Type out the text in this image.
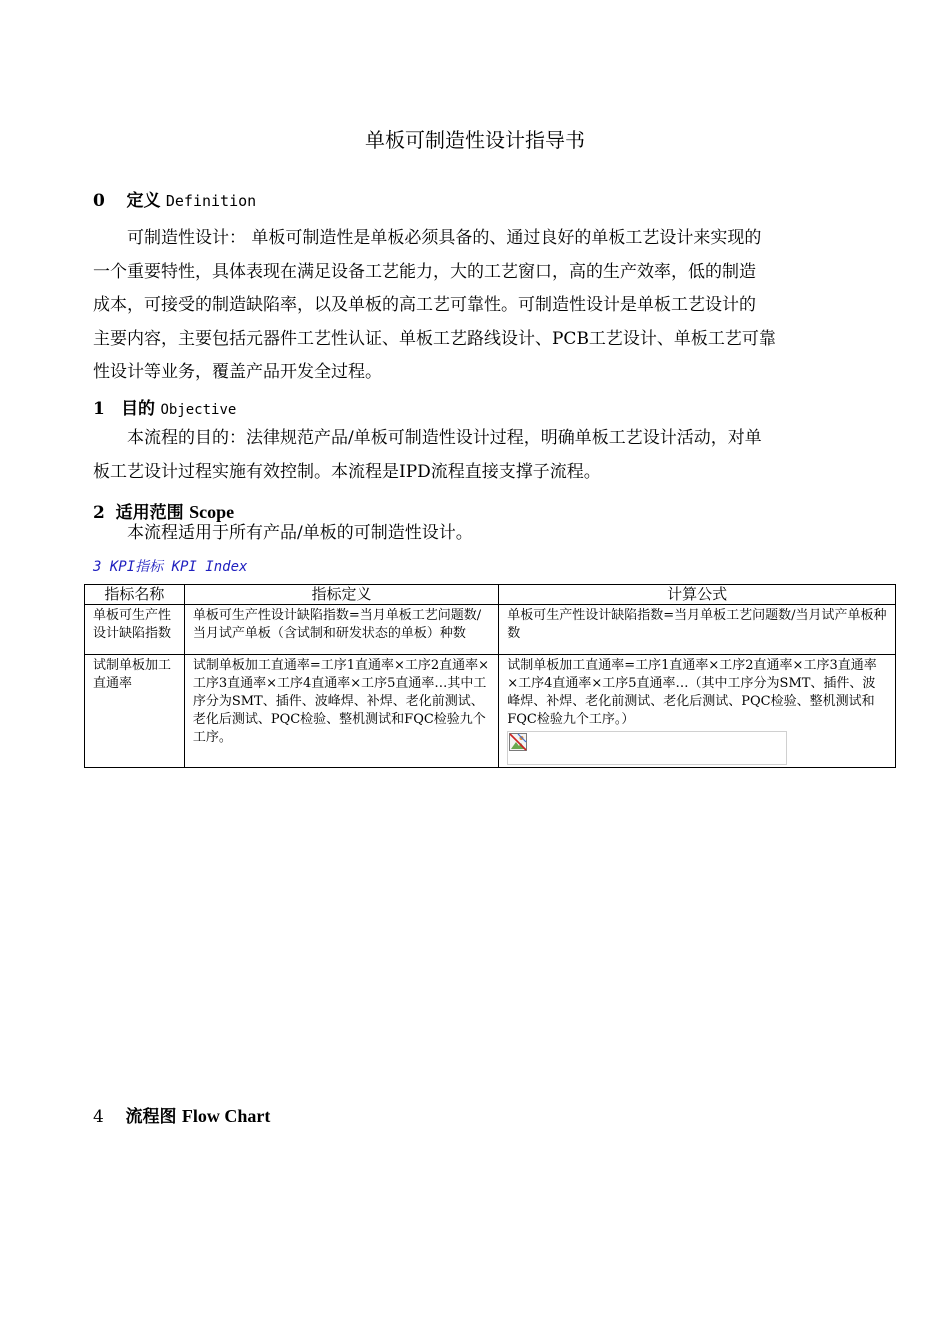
单板可制造性设计指导书
0 定义 Definition
可制造性设计： 单板可制造性是单板必须具备的、通过良好的单板工艺设计来实现的
一个重要特性，具体表现在满足设备工艺能力，大的工艺窗口，高的生产效率，低的制造
成本，可接受的制造缺陷率，以及单板的高工艺可靠性。可制造性设计是单板工艺设计的
主要内容，主要包括元器件工艺性认证、单板工艺路线设计、PCB工艺设计、单板工艺可靠
性设计等业务，覆盖产品开发全过程。
1 目的 Objective
本流程的目的：法律规范产品/单板可制造性设计过程，明确单板工艺设计活动，对单
板工艺设计过程实施有效控制。本流程是IPD流程直接支撑子流程。
2 适用范围 Scope
本流程适用于所有产品/单板的可制造性设计。
3 KPI指标 KPI Index
指标名称	指标定义	计算公式
单板可生产性设计缺陷指数	单板可生产性设计缺陷指数=当月单板工艺问题数/当月试产单板（含试制和研发状态的单板）种数	单板可生产性设计缺陷指数=当月单板工艺问题数/当月试产单板种数
试制单板加工直通率	试制单板加工直通率=工序1直通率×工序2直通率×工序3直通率×工序4直通率×工序5直通率…其中工序分为SMT、插件、波峰焊、补焊、老化前测试、老化后测试、PQC检验、整机测试和FQC检验九个工序。	试制单板加工直通率=工序1直通率×工序2直通率×工序3直通率×工序4直通率×工序5直通率…（其中工序分为SMT、插件、波峰焊、补焊、老化前测试、老化后测试、PQC检验、整机测试和FQC检验九个工序。）
4 流程图 Flow Chart
